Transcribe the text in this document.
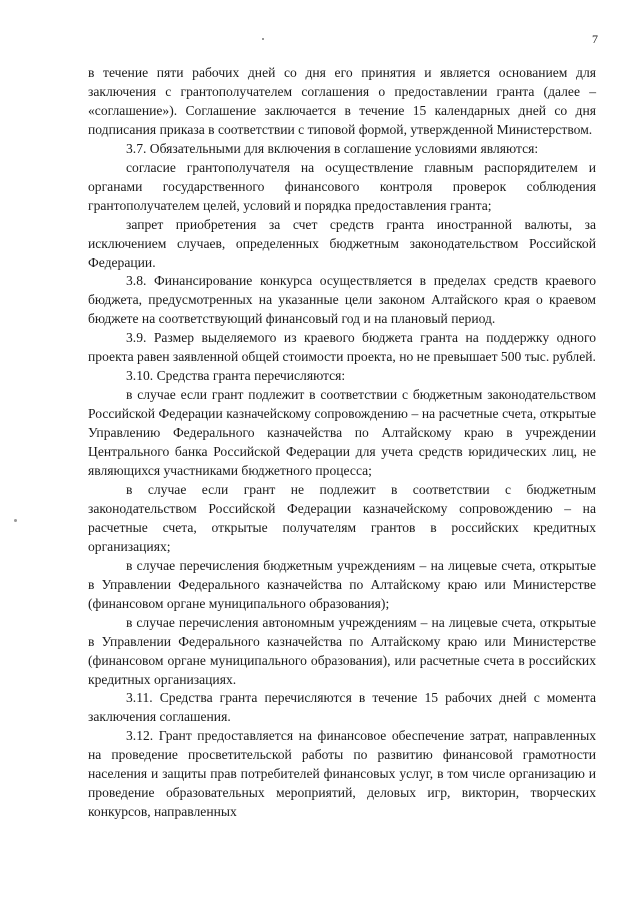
7

в течение пяти рабочих дней со дня его принятия и является основанием для заключения с грантополучателем соглашения о предоставлении гранта (далее – «соглашение»). Соглашение заключается в течение 15 календарных дней со дня подписания приказа в соответствии с типовой формой, утвержденной Министерством.

3.7. Обязательными для включения в соглашение условиями являются:

согласие грантополучателя на осуществление главным распорядителем и органами государственного финансового контроля проверок соблюдения грантополучателем целей, условий и порядка предоставления гранта;

запрет приобретения за счет средств гранта иностранной валюты, за исключением случаев, определенных бюджетным законодательством Российской Федерации.

3.8. Финансирование конкурса осуществляется в пределах средств краевого бюджета, предусмотренных на указанные цели законом Алтайского края о краевом бюджете на соответствующий финансовый год и на плановый период.

3.9. Размер выделяемого из краевого бюджета гранта на поддержку одного проекта равен заявленной общей стоимости проекта, но не превышает 500 тыс. рублей.

3.10. Средства гранта перечисляются:

в случае если грант подлежит в соответствии с бюджетным законодательством Российской Федерации казначейскому сопровождению – на расчетные счета, открытые Управлению Федерального казначейства по Алтайскому краю в учреждении Центрального банка Российской Федерации для учета средств юридических лиц, не являющихся участниками бюджетного процесса;

в случае если грант не подлежит в соответствии с бюджетным законодательством Российской Федерации казначейскому сопровождению – на расчетные счета, открытые получателям грантов в российских кредитных организациях;

в случае перечисления бюджетным учреждениям – на лицевые счета, открытые в Управлении Федерального казначейства по Алтайскому краю или Министерстве (финансовом органе муниципального образования);

в случае перечисления автономным учреждениям – на лицевые счета, открытые в Управлении Федерального казначейства по Алтайскому краю или Министерстве (финансовом органе муниципального образования), или расчетные счета в российских кредитных организациях.

3.11. Средства гранта перечисляются в течение 15 рабочих дней с момента заключения соглашения.

3.12. Грант предоставляется на финансовое обеспечение затрат, направленных на проведение просветительской работы по развитию финансовой грамотности населения и защиты прав потребителей финансовых услуг, в том числе организацию и проведение образовательных мероприятий, деловых игр, викторин, творческих конкурсов, направленных
